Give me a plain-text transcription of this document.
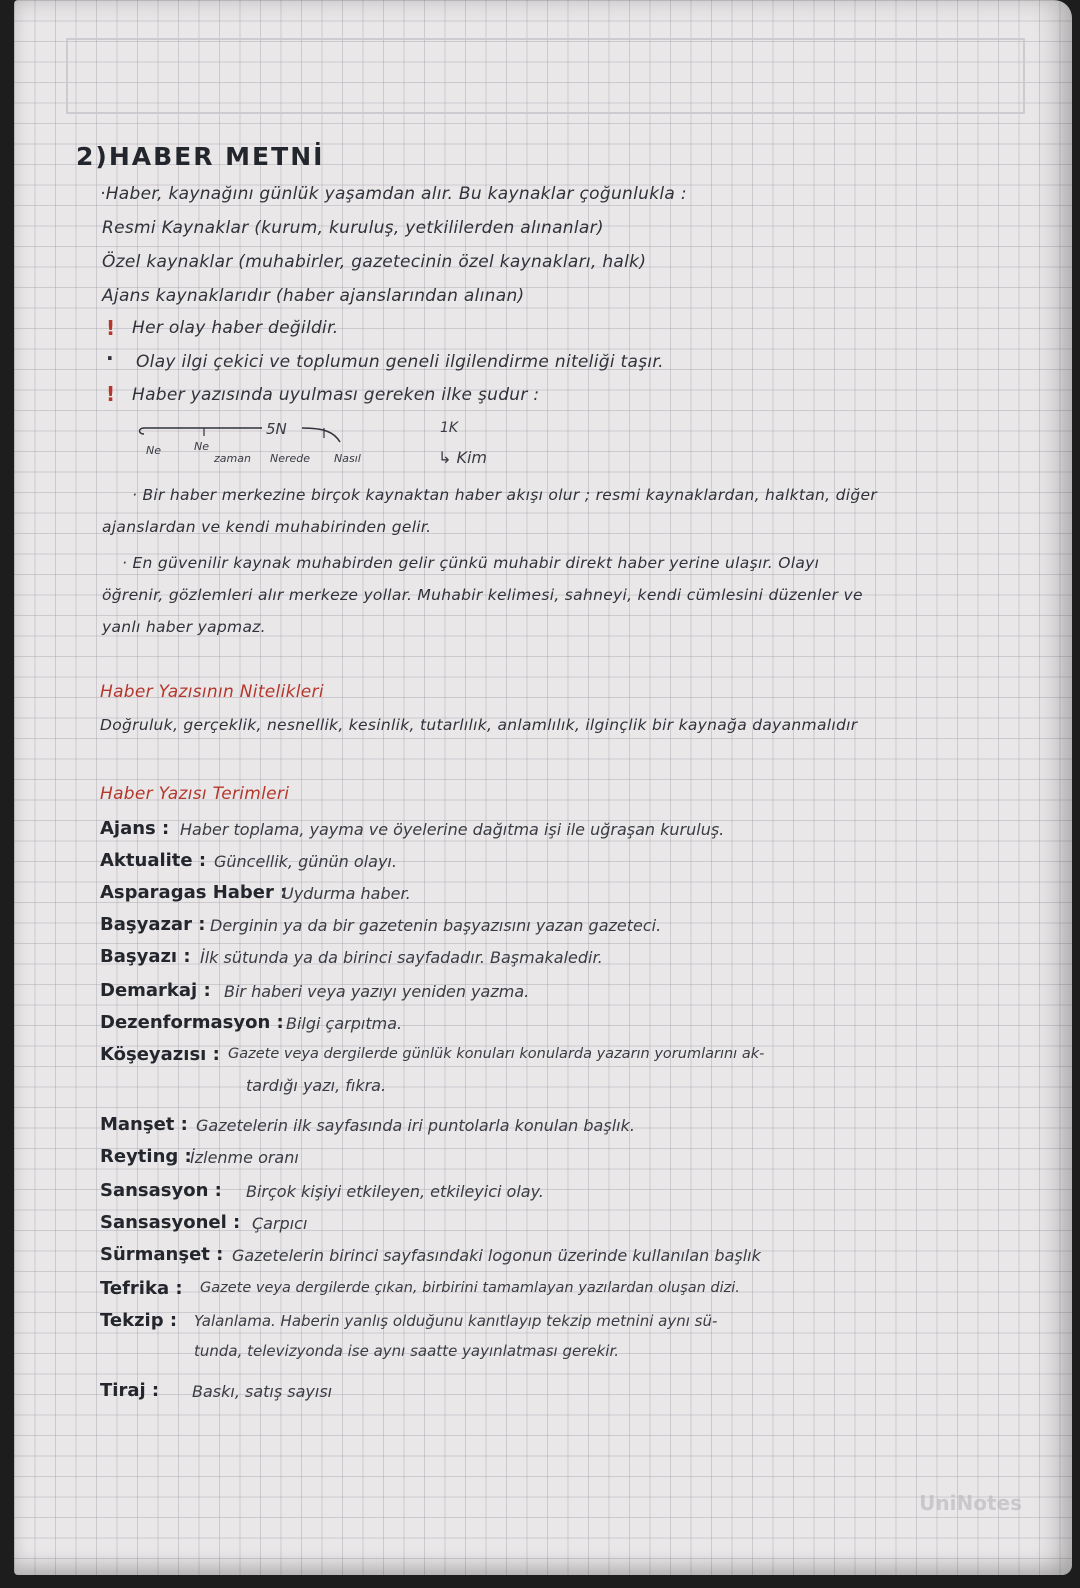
2)HABER METNİ
·Haber, kaynağını günlük yaşamdan alır. Bu kaynaklar çoğunlukla :
Resmi Kaynaklar (kurum, kuruluş, yetkililerden alınanlar)
Özel kaynaklar (muhabirler, gazetecinin özel kaynakları, halk)
Ajans kaynaklarıdır (haber ajanslarından alınan)
! Her olay haber değildir.
· Olay ilgi çekici ve toplumun geneli ilgilendirme niteliği taşır.
! Haber yazısında uyulması gereken ilke şudur :
5N	1K
Ne	Ne
zaman Nerede Nasıl	↳ Kim
· Bir haber merkezine birçok kaynaktan haber akışı olur ; resmi kaynaklardan, halktan, diğer
ajanslardan ve kendi muhabirinden gelir.
· En güvenilir kaynak muhabirden gelir çünkü muhabir direkt haber yerine ulaşır. Olayı
öğrenir, gözlemleri alır merkeze yollar. Muhabir kelimesi, sahneyi, kendi cümlesini düzenler ve
yanlı haber yapmaz.
Haber Yazısının Nitelikleri
Doğruluk, gerçeklik, nesnellik, kesinlik, tutarlılık, anlamlılık, ilginçlik bir kaynağa dayanmalıdır
Haber Yazısı Terimleri
Ajans : Haber toplama, yayma ve öyelerine dağıtma işi ile uğraşan kuruluş.
Aktualite : Güncellik, günün olayı.
Asparagas Haber :
Uydurma haber.
Başyazar : Derginin ya da bir gazetenin başyazısını yazan gazeteci.
Başyazı : İlk sütunda ya da birinci sayfadadır. Başmakaledir.
Demarkaj : Bir haberi veya yazıyı yeniden yazma.
Dezenformasyon : Bilgi çarpıtma.
Köşeyazısı : Gazete veya dergilerde günlük konuları konularda yazarın yorumlarını ak-
tardığı yazı, fıkra.
Manşet : Gazetelerin ilk sayfasında iri puntolarla konulan başlık.
Reyting :
İzlenme oranı
Sansasyon : Birçok kişiyi etkileyen, etkileyici olay.
Sansasyonel : Çarpıcı
Sürmanşet : Gazetelerin birinci sayfasındaki logonun üzerinde kullanılan başlık
Tefrika : Gazete veya dergilerde çıkan, birbirini tamamlayan yazılardan oluşan dizi.
Tekzip : Yalanlama. Haberin yanlış olduğunu kanıtlayıp tekzip metnini aynı sü-
tunda, televizyonda ise aynı saatte yayınlatması gerekir.
Tiraj : Baskı, satış sayısı
UniNotes
